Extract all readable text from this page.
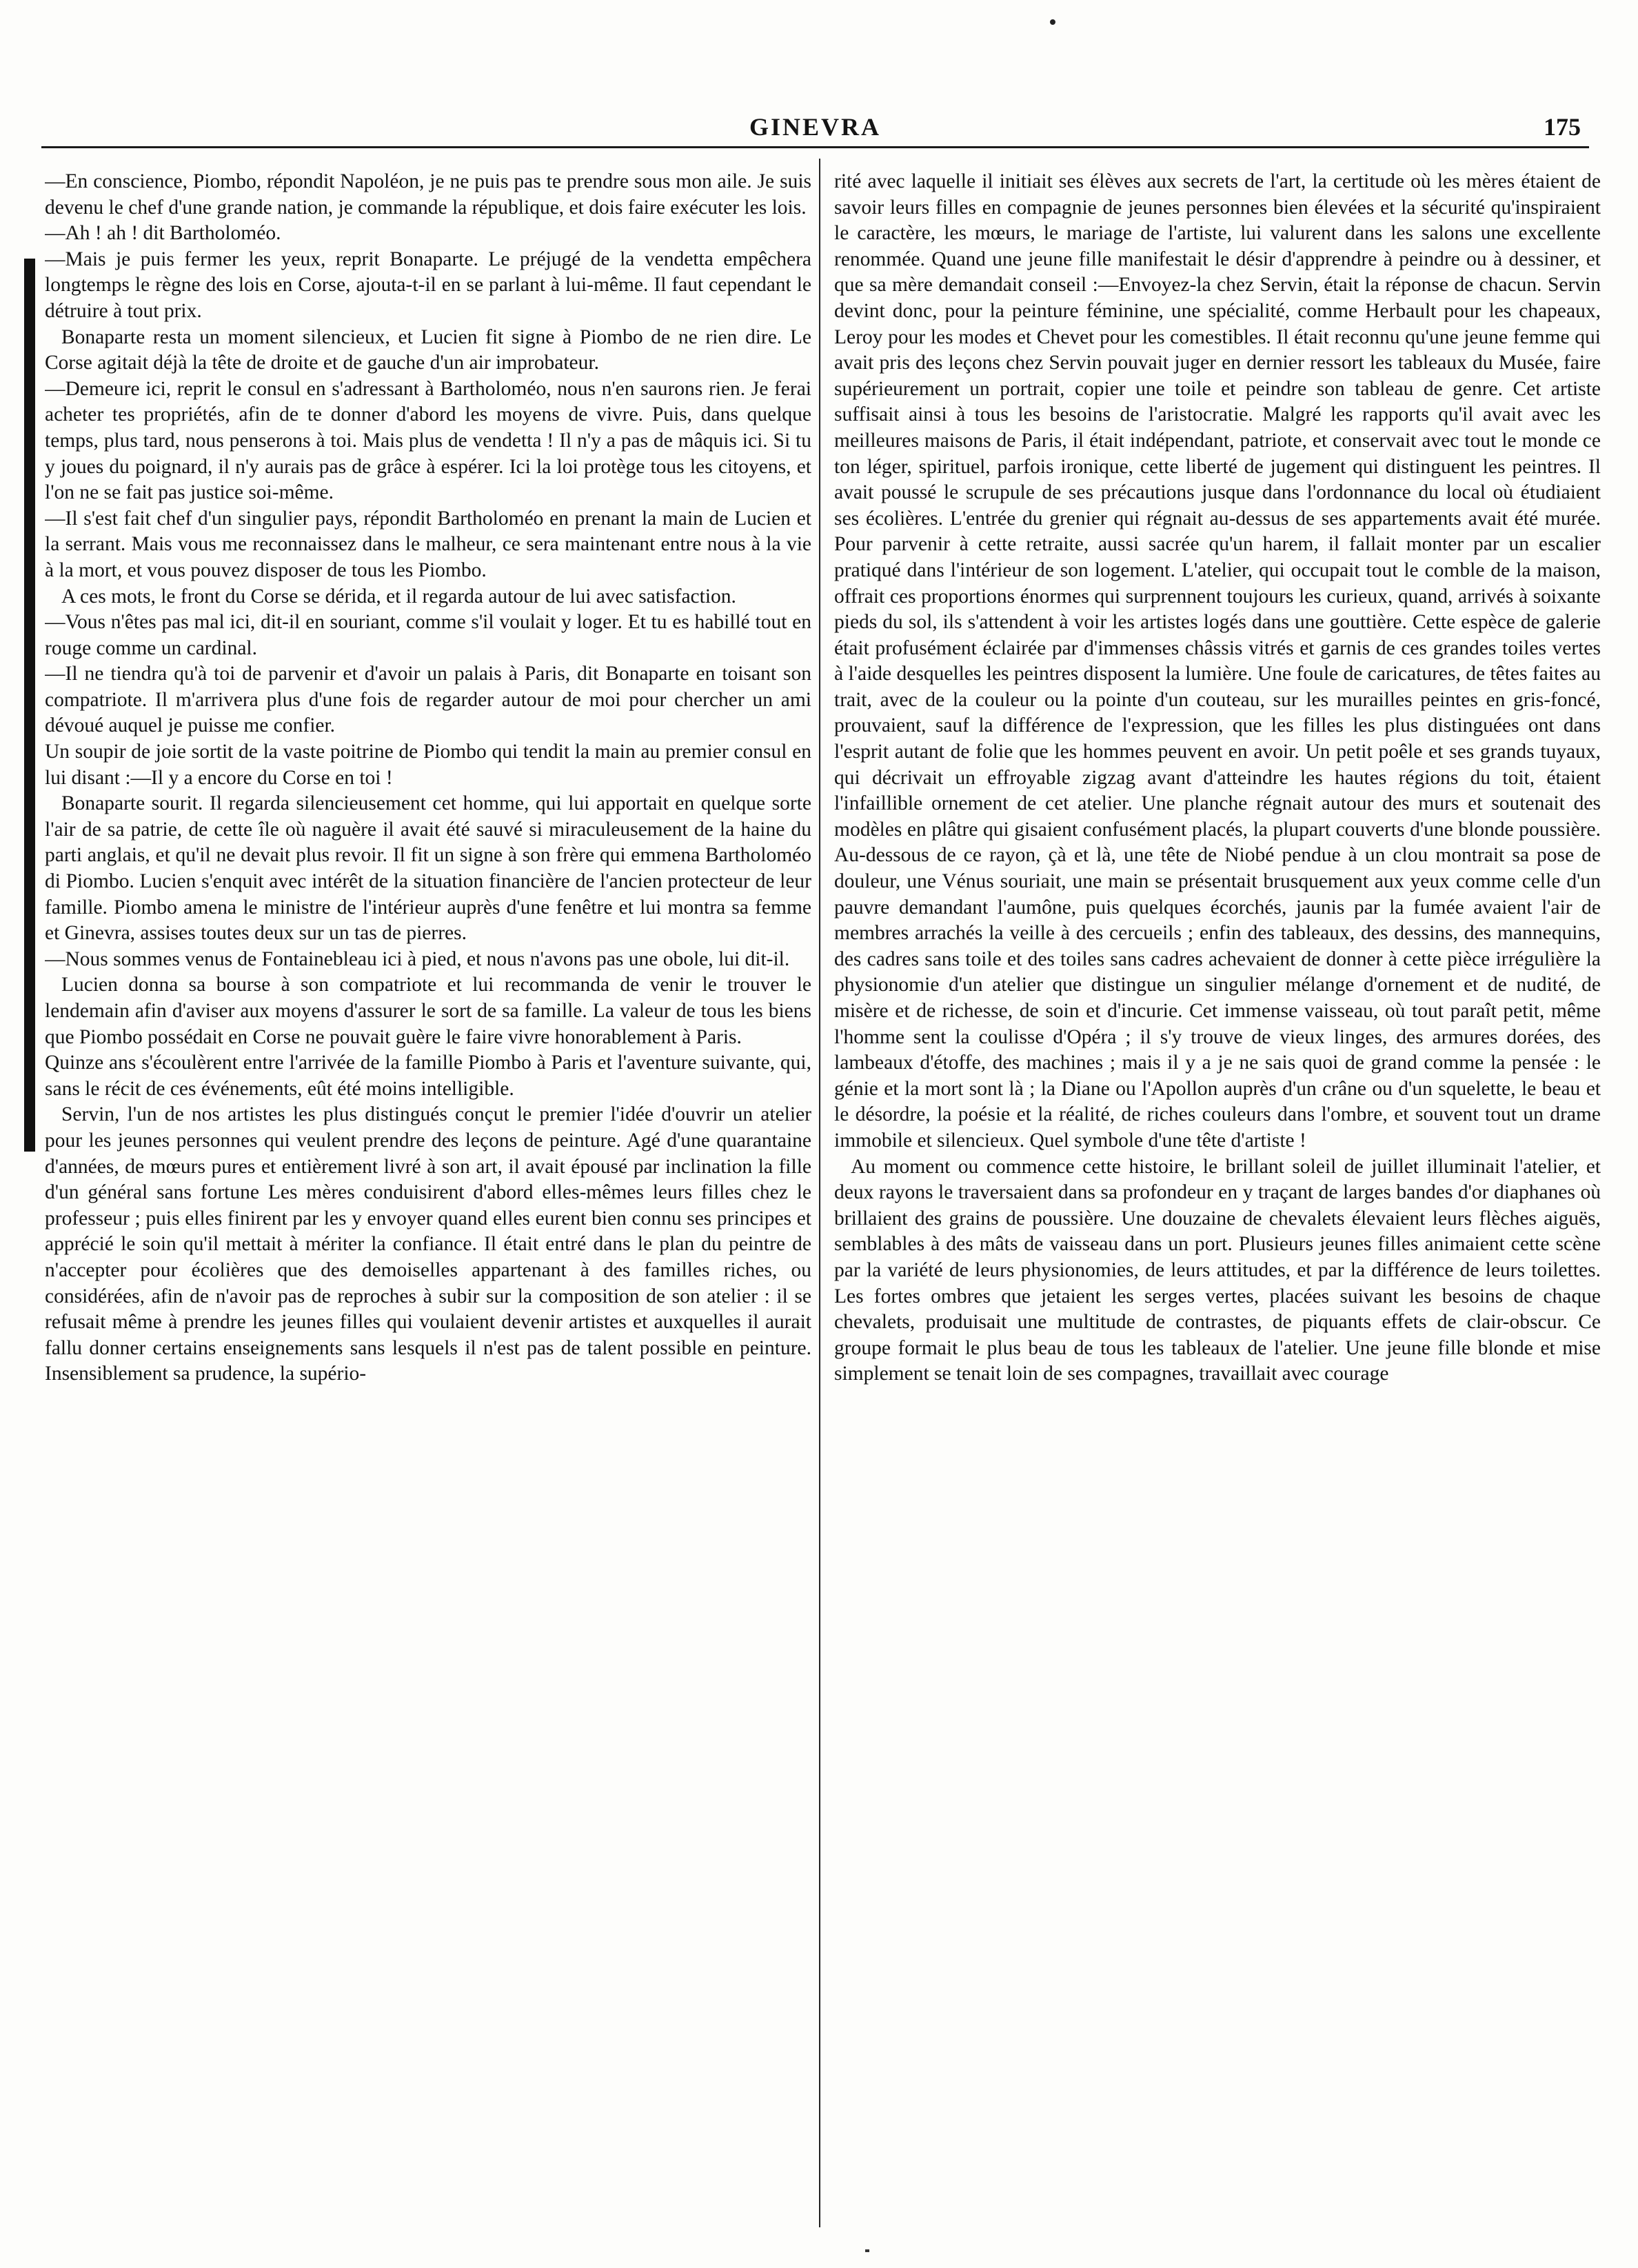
GINEVRA	175

—En conscience, Piombo, répondit Napoléon, je ne puis pas te prendre sous mon aile. Je suis devenu le chef d'une grande nation, je commande la république, et dois faire exécuter les lois.

—Ah ! ah ! dit Bartholoméo.

—Mais je puis fermer les yeux, reprit Bonaparte. Le préjugé de la vendetta empêchera longtemps le règne des lois en Corse, ajouta-t-il en se parlant à lui-même. Il faut cependant le détruire à tout prix.

Bonaparte resta un moment silencieux, et Lucien fit signe à Piombo de ne rien dire. Le Corse agitait déjà la tête de droite et de gauche d'un air improbateur.

—Demeure ici, reprit le consul en s'adressant à Bartholoméo, nous n'en saurons rien. Je ferai acheter tes propriétés, afin de te donner d'abord les moyens de vivre. Puis, dans quelque temps, plus tard, nous penserons à toi. Mais plus de vendetta ! Il n'y a pas de mâquis ici. Si tu y joues du poignard, il n'y aurais pas de grâce à espérer. Ici la loi protège tous les citoyens, et l'on ne se fait pas justice soi-même.

—Il s'est fait chef d'un singulier pays, répondit Bartholoméo en prenant la main de Lucien et la serrant. Mais vous me reconnaissez dans le malheur, ce sera maintenant entre nous à la vie à la mort, et vous pouvez disposer de tous les Piombo.

A ces mots, le front du Corse se dérida, et il regarda autour de lui avec satisfaction.

—Vous n'êtes pas mal ici, dit-il en souriant, comme s'il voulait y loger. Et tu es habillé tout en rouge comme un cardinal.

—Il ne tiendra qu'à toi de parvenir et d'avoir un palais à Paris, dit Bonaparte en toisant son compatriote. Il m'arrivera plus d'une fois de regarder autour de moi pour chercher un ami dévoué auquel je puisse me confier.

Un soupir de joie sortit de la vaste poitrine de Piombo qui tendit la main au premier consul en lui disant :—Il y a encore du Corse en toi !

Bonaparte sourit. Il regarda silencieusement cet homme, qui lui apportait en quelque sorte l'air de sa patrie, de cette île où naguère il avait été sauvé si miraculeusement de la haine du parti anglais, et qu'il ne devait plus revoir. Il fit un signe à son frère qui emmena Bartholoméo di Piombo. Lucien s'enquit avec intérêt de la situation financière de l'ancien protecteur de leur famille. Piombo amena le ministre de l'intérieur auprès d'une fenêtre et lui montra sa femme et Ginevra, assises toutes deux sur un tas de pierres.

—Nous sommes venus de Fontainebleau ici à pied, et nous n'avons pas une obole, lui dit-il.

Lucien donna sa bourse à son compatriote et lui recommanda de venir le trouver le lendemain afin d'aviser aux moyens d'assurer le sort de sa famille. La valeur de tous les biens que Piombo possédait en Corse ne pouvait guère le faire vivre honorablement à Paris.

Quinze ans s'écoulèrent entre l'arrivée de la famille Piombo à Paris et l'aventure suivante, qui, sans le récit de ces événements, eût été moins intelligible.

Servin, l'un de nos artistes les plus distingués conçut le premier l'idée d'ouvrir un atelier pour les jeunes personnes qui veulent prendre des leçons de peinture. Agé d'une quarantaine d'années, de mœurs pures et entièrement livré à son art, il avait épousé par inclination la fille d'un général sans fortune Les mères conduisirent d'abord elles-mêmes leurs filles chez le professeur ; puis elles finirent par les y envoyer quand elles eurent bien connu ses principes et apprécié le soin qu'il mettait à mériter la confiance. Il était entré dans le plan du peintre de n'accepter pour écolières que des demoiselles appartenant à des familles riches, ou considérées, afin de n'avoir pas de reproches à subir sur la composition de son atelier : il se refusait même à prendre les jeunes filles qui voulaient devenir artistes et auxquelles il aurait fallu donner certains enseignements sans lesquels il n'est pas de talent possible en peinture. Insensiblement sa prudence, la supério-

rité avec laquelle il initiait ses élèves aux secrets de l'art, la certitude où les mères étaient de savoir leurs filles en compagnie de jeunes personnes bien élevées et la sécurité qu'inspiraient le caractère, les mœurs, le mariage de l'artiste, lui valurent dans les salons une excellente renommée. Quand une jeune fille manifestait le désir d'apprendre à peindre ou à dessiner, et que sa mère demandait conseil :—Envoyez-la chez Servin, était la réponse de chacun. Servin devint donc, pour la peinture féminine, une spécialité, comme Herbault pour les chapeaux, Leroy pour les modes et Chevet pour les comestibles. Il était reconnu qu'une jeune femme qui avait pris des leçons chez Servin pouvait juger en dernier ressort les tableaux du Musée, faire supérieurement un portrait, copier une toile et peindre son tableau de genre. Cet artiste suffisait ainsi à tous les besoins de l'aristocratie. Malgré les rapports qu'il avait avec les meilleures maisons de Paris, il était indépendant, patriote, et conservait avec tout le monde ce ton léger, spirituel, parfois ironique, cette liberté de jugement qui distinguent les peintres. Il avait poussé le scrupule de ses précautions jusque dans l'ordonnance du local où étudiaient ses écolières. L'entrée du grenier qui régnait au-dessus de ses appartements avait été murée. Pour parvenir à cette retraite, aussi sacrée qu'un harem, il fallait monter par un escalier pratiqué dans l'intérieur de son logement. L'atelier, qui occupait tout le comble de la maison, offrait ces proportions énormes qui surprennent toujours les curieux, quand, arrivés à soixante pieds du sol, ils s'attendent à voir les artistes logés dans une gouttière. Cette espèce de galerie était profusément éclairée par d'immenses châssis vitrés et garnis de ces grandes toiles vertes à l'aide desquelles les peintres disposent la lumière. Une foule de caricatures, de têtes faites au trait, avec de la couleur ou la pointe d'un couteau, sur les murailles peintes en gris-foncé, prouvaient, sauf la différence de l'expression, que les filles les plus distinguées ont dans l'esprit autant de folie que les hommes peuvent en avoir. Un petit poêle et ses grands tuyaux, qui décrivait un effroyable zigzag avant d'atteindre les hautes régions du toit, étaient l'infaillible ornement de cet atelier. Une planche régnait autour des murs et soutenait des modèles en plâtre qui gisaient confusément placés, la plupart couverts d'une blonde poussière. Au-dessous de ce rayon, çà et là, une tête de Niobé pendue à un clou montrait sa pose de douleur, une Vénus souriait, une main se présentait brusquement aux yeux comme celle d'un pauvre demandant l'aumône, puis quelques écorchés, jaunis par la fumée avaient l'air de membres arrachés la veille à des cercueils ; enfin des tableaux, des dessins, des mannequins, des cadres sans toile et des toiles sans cadres achevaient de donner à cette pièce irrégulière la physionomie d'un atelier que distingue un singulier mélange d'ornement et de nudité, de misère et de richesse, de soin et d'incurie. Cet immense vaisseau, où tout paraît petit, même l'homme sent la coulisse d'Opéra ; il s'y trouve de vieux linges, des armures dorées, des lambeaux d'étoffe, des machines ; mais il y a je ne sais quoi de grand comme la pensée : le génie et la mort sont là ; la Diane ou l'Apollon auprès d'un crâne ou d'un squelette, le beau et le désordre, la poésie et la réalité, de riches couleurs dans l'ombre, et souvent tout un drame immobile et silencieux. Quel symbole d'une tête d'artiste !

Au moment ou commence cette histoire, le brillant soleil de juillet illuminait l'atelier, et deux rayons le traversaient dans sa profondeur en y traçant de larges bandes d'or diaphanes où brillaient des grains de poussière. Une douzaine de chevalets élevaient leurs flèches aiguës, semblables à des mâts de vaisseau dans un port. Plusieurs jeunes filles animaient cette scène par la variété de leurs physionomies, de leurs attitudes, et par la différence de leurs toilettes. Les fortes ombres que jetaient les serges vertes, placées suivant les besoins de chaque chevalets, produisait une multitude de contrastes, de piquants effets de clair-obscur. Ce groupe formait le plus beau de tous les tableaux de l'atelier. Une jeune fille blonde et mise simplement se tenait loin de ses compagnes, travaillait avec courage
